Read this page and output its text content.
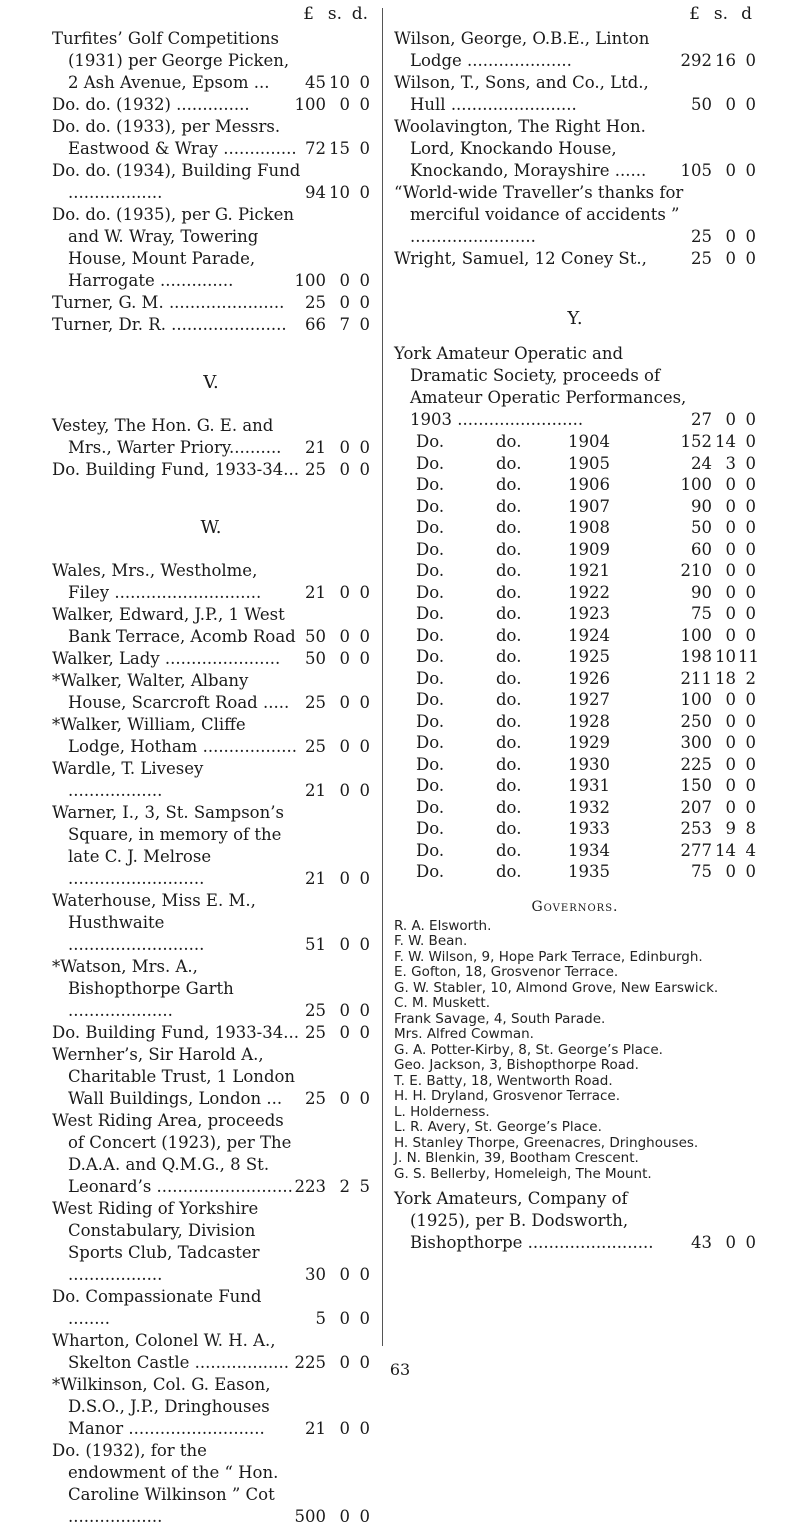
£ s. d.	£ s. d
Turfites’ Golf Competitions (1931) per George Picken, 2 Ash Avenue, Epsom ...	45 10 0
Do. do. (1932) ..............	100 0 0
Do. do. (1933), per Messrs. Eastwood & Wray .............. 72 15 0
Do. do. (1934), Building Fund ..................	94 10 0
Do. do. (1935), per G. Picken and W. Wray, Towering House, Mount Parade, Harrogate ..............	100 0 0
Turner, G. M. ......................	25 0 0
Turner, Dr. R. ......................	66 7 0
V.
Vestey, The Hon. G. E. and Mrs., Warter Priory..........	21 0 0
Do. Building Fund, 1933-34... 25 0 0
W.
Wales, Mrs., Westholme, Filey ............................	21 0 0
Walker, Edward, J.P., 1 West Bank Terrace, Acomb Road 50 0 0
Walker, Lady ......................	50 0 0
*Walker, Walter, Albany House, Scarcroft Road ..... 25 0 0
*Walker, William, Cliffe Lodge, Hotham .................. 25 0 0
Wardle, T. Livesey ..................	21 0 0
Warner, I., 3, St. Sampson’s Square, in memory of the late C. J. Melrose ..........................	21 0 0
Waterhouse, Miss E. M., Husthwaite ..........................	51 0 0
*Watson, Mrs. A., Bishopthorpe Garth ....................	25 0 0
Do. Building Fund, 1933-34... 25 0 0
Wernher’s, Sir Harold A., Charitable Trust, 1 London Wall Buildings, London ...	25 0 0
West Riding Area, proceeds of Concert (1923), per The D.A.A. and Q.M.G., 8 St. Leonard’s .......................... 223 2 5
West Riding of Yorkshire Constabulary, Division Sports Club, Tadcaster ..................	30 0 0
Do. Compassionate Fund ........	5 0 0
Wharton, Colonel W. H. A., Skelton Castle .................. 225 0 0
*Wilkinson, Col. G. Eason, D.S.O., J.P., Dringhouses Manor ..........................	21 0 0
Do. (1932), for the endowment of the “ Hon. Caroline Wilkinson ” Cot ..................	500 0 0
Wilson, George, O.B.E., Linton Lodge ....................	292 16 0
Wilson, T., Sons, and Co., Ltd., Hull ........................	50 0 0
Woolavington, The Right Hon. Lord, Knockando House, Knockando, Morayshire ......	105 0 0
“World-wide Traveller’s thanks for merciful voidance of accidents ” ........................	25 0 0
Wright, Samuel, 12 Coney St.,	25 0 0
Y.
York Amateur Operatic and Dramatic Society, proceeds of Amateur Operatic Performances, 1903 ........................	27 0 0
Do.	do.	1904	152 14 0
Do.	do.	1905	24 3 0
Do.	do.	1906	100 0 0
Do.	do.	1907	90 0 0
Do.	do.	1908	50 0 0
Do.	do.	1909	60 0 0
Do.	do.	1921	210 0 0
Do.	do.	1922	90 0 0
Do.	do.	1923	75 0 0
Do.	do.	1924	100 0 0
Do.	do.	1925	198 10 11
Do.	do.	1926	211 18 2
Do.	do.	1927	100 0 0
Do.	do.	1928	250 0 0
Do.	do.	1929	300 0 0
Do.	do.	1930	225 0 0
Do.	do.	1931	150 0 0
Do.	do.	1932	207 0 0
Do.	do.	1933	253 9 8
Do.	do.	1934	277 14 4
Do.	do.	1935	75 0 0
Governors.
R. A. Elsworth.
F. W. Bean.
F. W. Wilson, 9, Hope Park Terrace, Edinburgh.
E. Gofton, 18, Grosvenor Terrace.
G. W. Stabler, 10, Almond Grove, New Earswick.
C. M. Muskett.
Frank Savage, 4, South Parade.
Mrs. Alfred Cowman.
G. A. Potter-Kirby, 8, St. George’s Place.
Geo. Jackson, 3, Bishopthorpe Road.
T. E. Batty, 18, Wentworth Road.
H. H. Dryland, Grosvenor Terrace.
L. Holderness.
L. R. Avery, St. George’s Place.
H. Stanley Thorpe, Greenacres, Dringhouses.
J. N. Blenkin, 39, Bootham Crescent.
G. S. Bellerby, Homeleigh, The Mount.
York Amateurs, Company of (1925), per B. Dodsworth, Bishopthorpe ........................	43 0 0
63
